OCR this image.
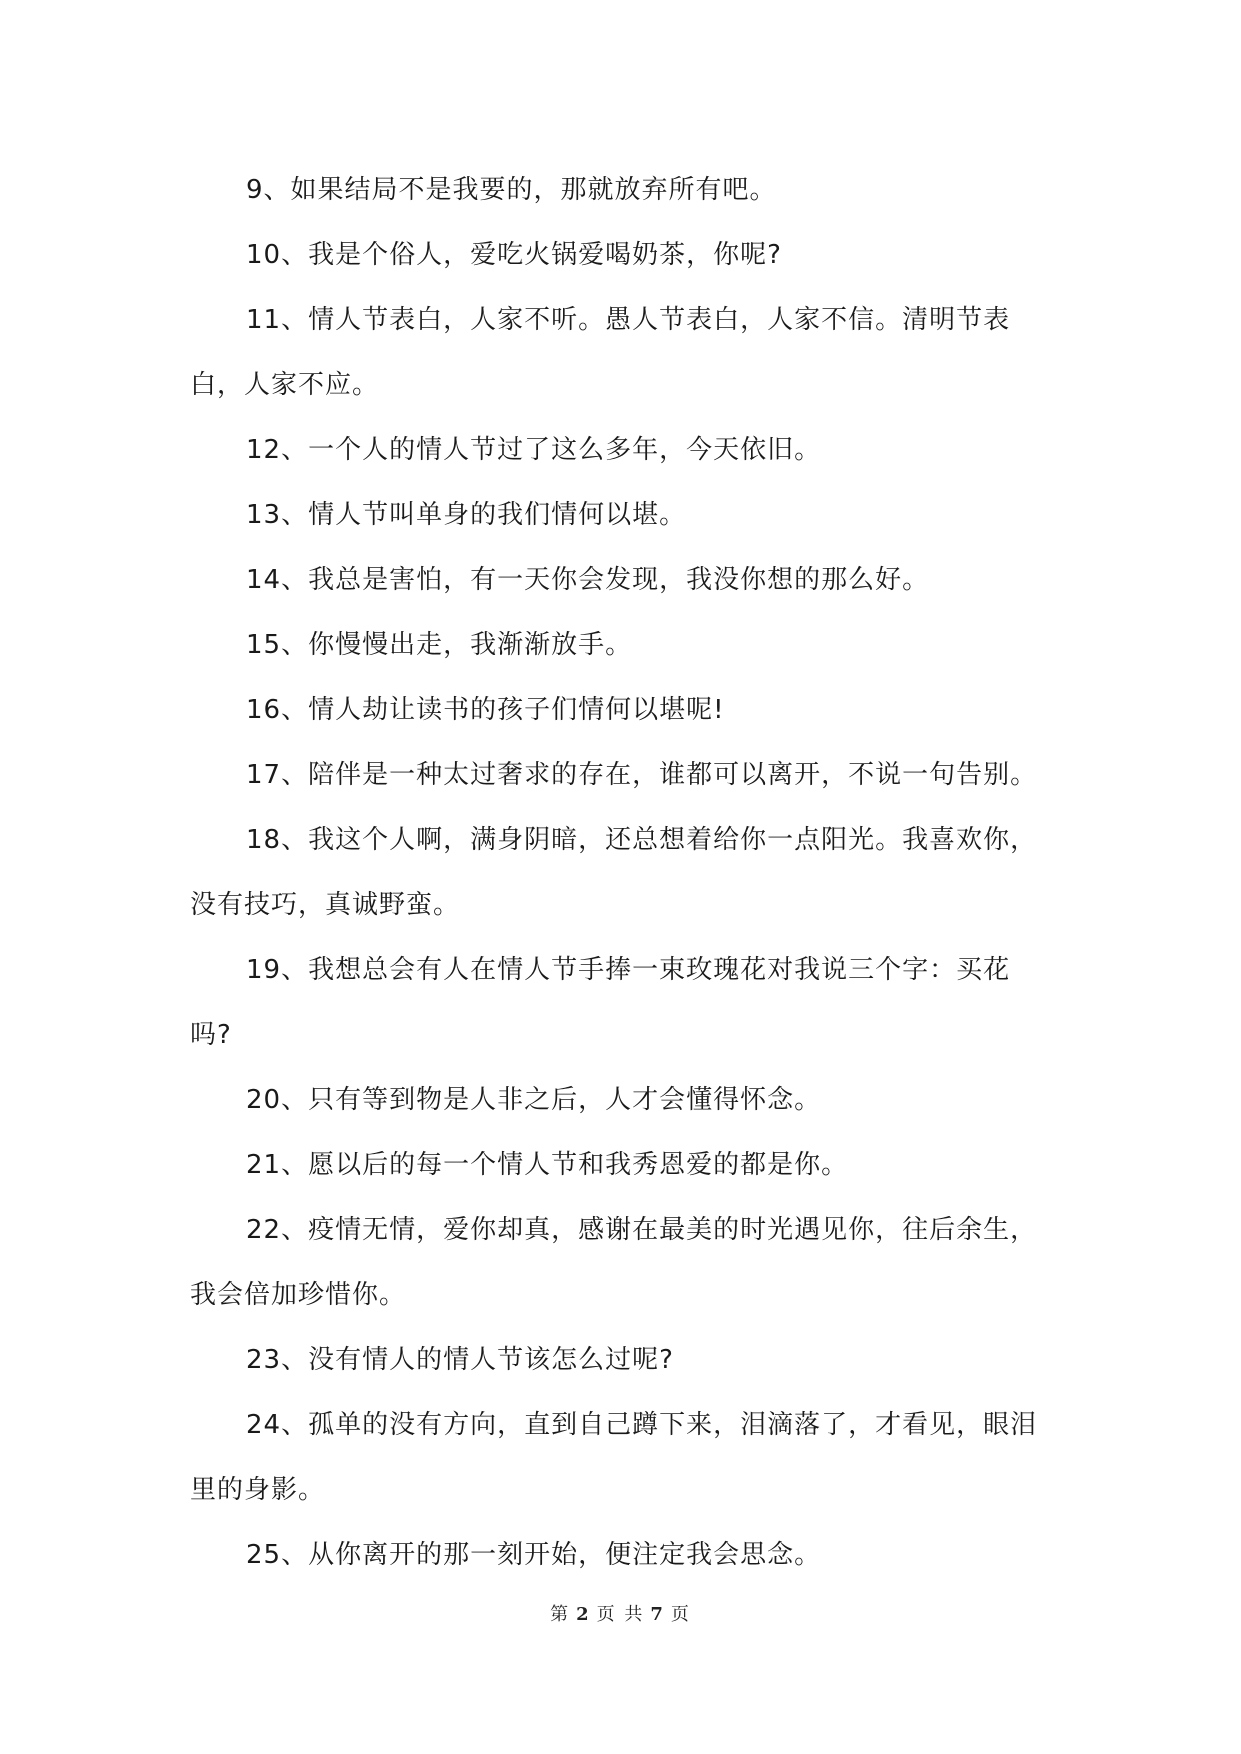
9、如果结局不是我要的，那就放弃所有吧。

10、我是个俗人，爱吃火锅爱喝奶茶，你呢?

11、情人节表白，人家不听。愚人节表白，人家不信。清明节表白，人家不应。

12、一个人的情人节过了这么多年，今天依旧。

13、情人节叫单身的我们情何以堪。

14、我总是害怕，有一天你会发现，我没你想的那么好。

15、你慢慢出走，我渐渐放手。

16、情人劫让读书的孩子们情何以堪呢!

17、陪伴是一种太过奢求的存在，谁都可以离开，不说一句告别。

18、我这个人啊，满身阴暗，还总想着给你一点阳光。我喜欢你，没有技巧，真诚野蛮。

19、我想总会有人在情人节手捧一束玫瑰花对我说三个字：买花吗?

20、只有等到物是人非之后，人才会懂得怀念。

21、愿以后的每一个情人节和我秀恩爱的都是你。

22、疫情无情，爱你却真，感谢在最美的时光遇见你，往后余生，我会倍加珍惜你。

23、没有情人的情人节该怎么过呢?

24、孤单的没有方向，直到自己蹲下来，泪滴落了，才看见，眼泪里的身影。

25、从你离开的那一刻开始，便注定我会思念。

第 2 页 共 7 页
